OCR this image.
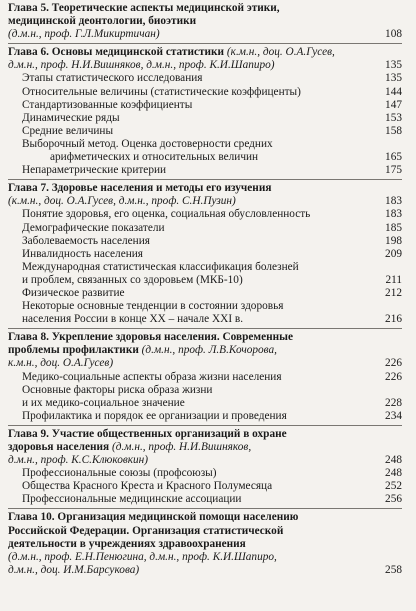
Глава 5. Теоретические аспекты медицинской этики,
медицинской деонтологии, биоэтики
(д.м.н., проф. Г.Л.Микиртичан)	108
Глава 6. Основы медицинской статистики (к.м.н., доц. О.А.Гусев,
д.м.н., проф. Н.И.Вишняков, д.м.н., проф. К.И.Шапиро)	135
Этапы статистического исследования	135
Относительные величины (статистические коэффиценты)	144
Стандартизованные коэффициенты	147
Динамические ряды	153
Средние величины	158
Выборочный метод. Оценка достоверности средних
арифметических и относительных величин	165
Непараметрические критерии	175
Глава 7. Здоровье населения и методы его изучения
(к.м.н., доц. О.А.Гусев, д.м.н., проф. С.Н.Пузин)	183
Понятие здоровья, его оценка, социальная обусловленность	183
Демографические показатели	185
Заболеваемость населения	198
Инвалидность населения	209
Международная статистическая классификация болезней
и проблем, связанных со здоровьем (МКБ-10)	211
Физическое развитие	212
Некоторые основные тенденции в состоянии здоровья
населения России в конце XX – начале XXI в.	216
Глава 8. Укрепление здоровья населения. Современные
проблемы профилактики (д.м.н., проф. Л.В.Кочорова,
к.м.н., доц. О.А.Гусев)	226
Медико-социальные аспекты образа жизни населения	226
Основные факторы риска образа жизни
и их медико-социальное значение	228
Профилактика и порядок ее организации и проведения	234
Глава 9. Участие общественных организаций в охране
здоровья населения (д.м.н., проф. Н.И.Вишняков,
д.м.н., проф. К.С.Клюковкин)	248
Профессиональные союзы (профсоюзы)	248
Общества Красного Креста и Красного Полумесяца	252
Профессиональные медицинские ассоциации	256
Глава 10. Организация медицинской помощи населению
Российской Федерации. Организация статистической
деятельности в учреждениях здравоохранения
(д.м.н., проф. Е.Н.Пенюгина, д.м.н., проф. К.И.Шапиро,
д.м.н., доц. И.М.Барсукова)	258
